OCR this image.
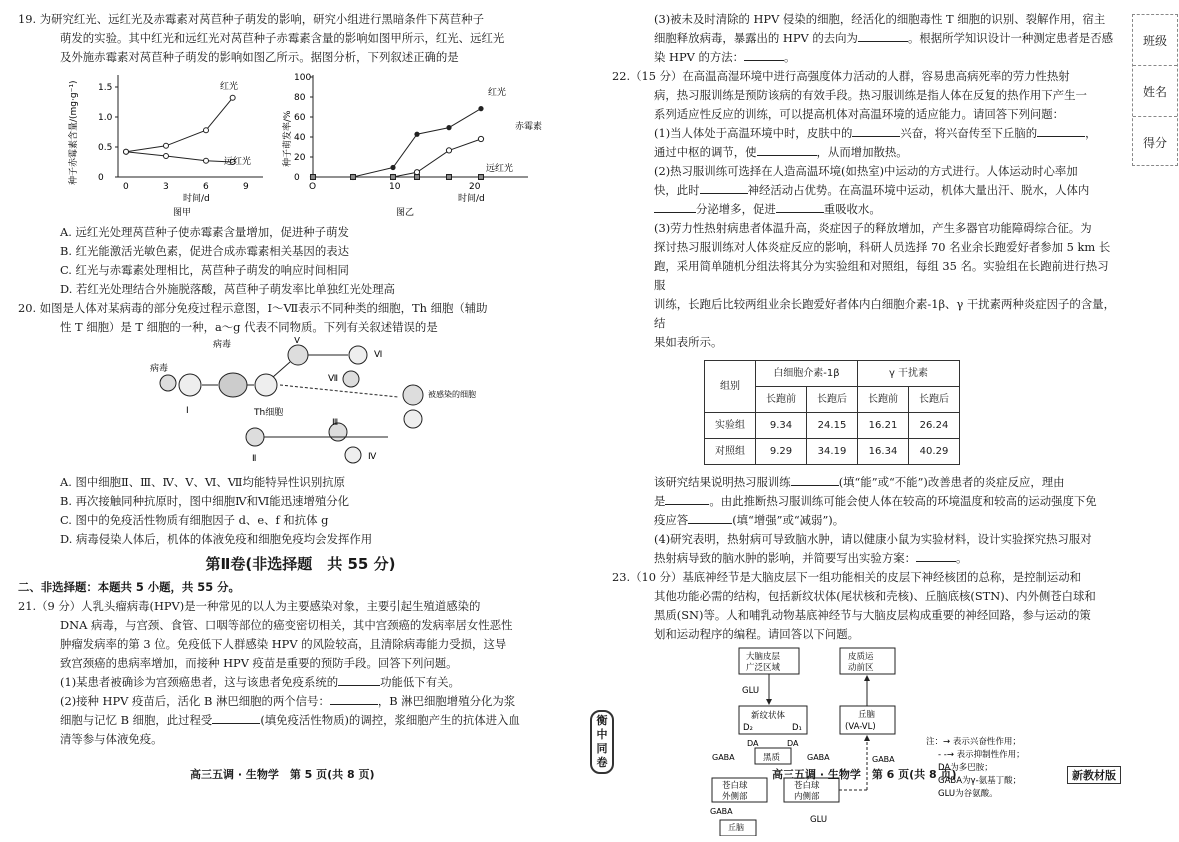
19. 为研究红光、远红光及赤霉素对莴苣种子萌发的影响，研究小组进行黑暗条件下莴苣种子

萌发的实验。其中红光和远红光对莴苣种子赤霉素含量的影响如图甲所示，红光、远红光

及外施赤霉素对莴苣种子萌发的影响如图乙所示。据图分析，下列叙述正确的是

种子赤霉素含量/(mg·g⁻¹)
0	3	6	9
0
0.5
1.0
1.5	红光
远红光
时间/d
图甲
种子萌发率/%
O	10	20
0
20
40
60
80
100
红光
赤霉素
远红光
时间/d
图乙

A. 远红光处理莴苣种子使赤霉素含量增加，促进种子萌发

B. 红光能激活光敏色素，促进合成赤霉素相关基因的表达

C. 红光与赤霉素处理相比，莴苣种子萌发的响应时间相同

D. 若红光处理结合外施脱落酸，莴苣种子萌发率比单独红光处理高

20. 如图是人体对某病毒的部分免疫过程示意图，Ⅰ～Ⅶ表示不同种类的细胞，Th 细胞（辅助

性 T 细胞）是 T 细胞的一种，a～g 代表不同物质。下列有关叙述错误的是

病毒
病毒
Ⅰ	Th细胞
Ⅴ
Ⅵ
Ⅶ
被感染的细胞
Ⅱ
Ⅲ
Ⅳ

A. 图中细胞Ⅱ、Ⅲ、Ⅳ、Ⅴ、Ⅵ、Ⅶ均能特异性识别抗原

B. 再次接触同种抗原时，图中细胞Ⅳ和Ⅵ能迅速增殖分化

C. 图中的免疫活性物质有细胞因子 d、e、f 和抗体 g

D. 病毒侵染人体后，机体的体液免疫和细胞免疫均会发挥作用

第Ⅱ卷(非选择题　共 55 分)

二、非选择题：本题共 5 小题，共 55 分。

21.（9 分）人乳头瘤病毒(HPV)是一种常见的以人为主要感染对象，主要引起生殖道感染的

DNA 病毒，与宫颈、食管、口咽等部位的癌变密切相关，其中宫颈癌的发病率居女性恶性

肿瘤发病率的第 3 位。免疫低下人群感染 HPV 的风险较高，且清除病毒能力受损，这导

致宫颈癌的患病率增加，而接种 HPV 疫苗是重要的预防手段。回答下列问题。

(1)某患者被确诊为宫颈癌患者，这与该患者免疫系统的	功能低下有关。

(2)接种 HPV 疫苗后，活化 B 淋巴细胞的两个信号：	，B 淋巴细胞增殖分化为浆

细胞与记忆 B 细胞，此过程受	(填免疫活性物质)的调控，浆细胞产生的抗体进入血

清等参与体液免疫。

高三五调 · 生物学　第 5 页(共 8 页)
衡
中
同
卷

(3)被未及时清除的 HPV 侵染的细胞，经活化的细胞毒性 T 细胞的识别、裂解作用，宿主

细胞释放病毒，暴露出的 HPV 的去向为	。根据所学知识设计一种测定患者是否感

染 HPV 的方法：	。

22.（15 分）在高温高湿环境中进行高强度体力活动的人群，容易患高病死率的劳力性热射

病，热习服训练是预防该病的有效手段。热习服训练是指人体在反复的热作用下产生一

系列适应性反应的训练，可以提高机体对高温环境的适应能力。请回答下列问题：

(1)当人体处于高温环境中时，皮肤中的	兴奋，将兴奋传至下丘脑的	，

通过中枢的调节，使	，从而增加散热。

(2)热习服训练可选择在人造高温环境(如热室)中运动的方式进行。人体运动时心率加

快，此时	神经活动占优势。在高温环境中运动，机体大量出汗、脱水，人体内

分泌增多，促进	重吸收水。

(3)劳力性热射病患者体温升高，炎症因子的释放增加，产生多器官功能障碍综合征。为

探讨热习服训练对人体炎症反应的影响，科研人员选择 70 名业余长跑爱好者参加 5 km 长

跑，采用简单随机分组法将其分为实验组和对照组，每组 35 名。实验组在长跑前进行热习服

训练，长跑后比较两组业余长跑爱好者体内白细胞介素-1β、γ 干扰素两种炎症因子的含量，结

果如表所示。

组别	白细胞介素-1β		γ 干扰素	
	长跑前	长跑后	长跑前	长跑后
实验组	9.34	24.15	16.21	26.24
对照组	9.29	34.19	16.34	40.29

该研究结果说明热习服训练	(填“能”或“不能”)改善患者的炎症反应，理由

是	。由此推断热习服训练可能会使人体在较高的环境温度和较高的运动强度下免

疫应答	(填“增强”或“减弱”)。

(4)研究表明，热射病可导致脑水肿，请以健康小鼠为实验材料，设计实验探究热习服对

热射病导致的脑水肿的影响，并简要写出实验方案：	。

23.（10 分）基底神经节是大脑皮层下一组功能相关的皮层下神经核团的总称，是控制运动和

其他功能必需的结构，包括新纹状体(尾状核和壳核)、丘脑底核(STN)、内外侧苍白球和

黑质(SN)等。人和哺乳动物基底神经节与大脑皮层构成重要的神经回路，参与运动的策

划和运动程序的编程。请回答以下问题。

大脑皮层
广泛区域
皮质运
动前区
GLU
新纹状体
D₂	D₁
丘脑
(VA-VL)
黑质
DA	DA
GABA	GABA
苍白球
外侧部
苍白球
内侧部
GABA
GABA
丘脑
GLU
注：→ 表示兴奋性作用；
- -→ 表示抑制性作用；
DA为多巴胺；
GABA为γ-氨基丁酸；
GLU为谷氨酸。
高三五调 · 生物学　第 6 页(共 8 页)	新教材版
班级
姓名
得分
